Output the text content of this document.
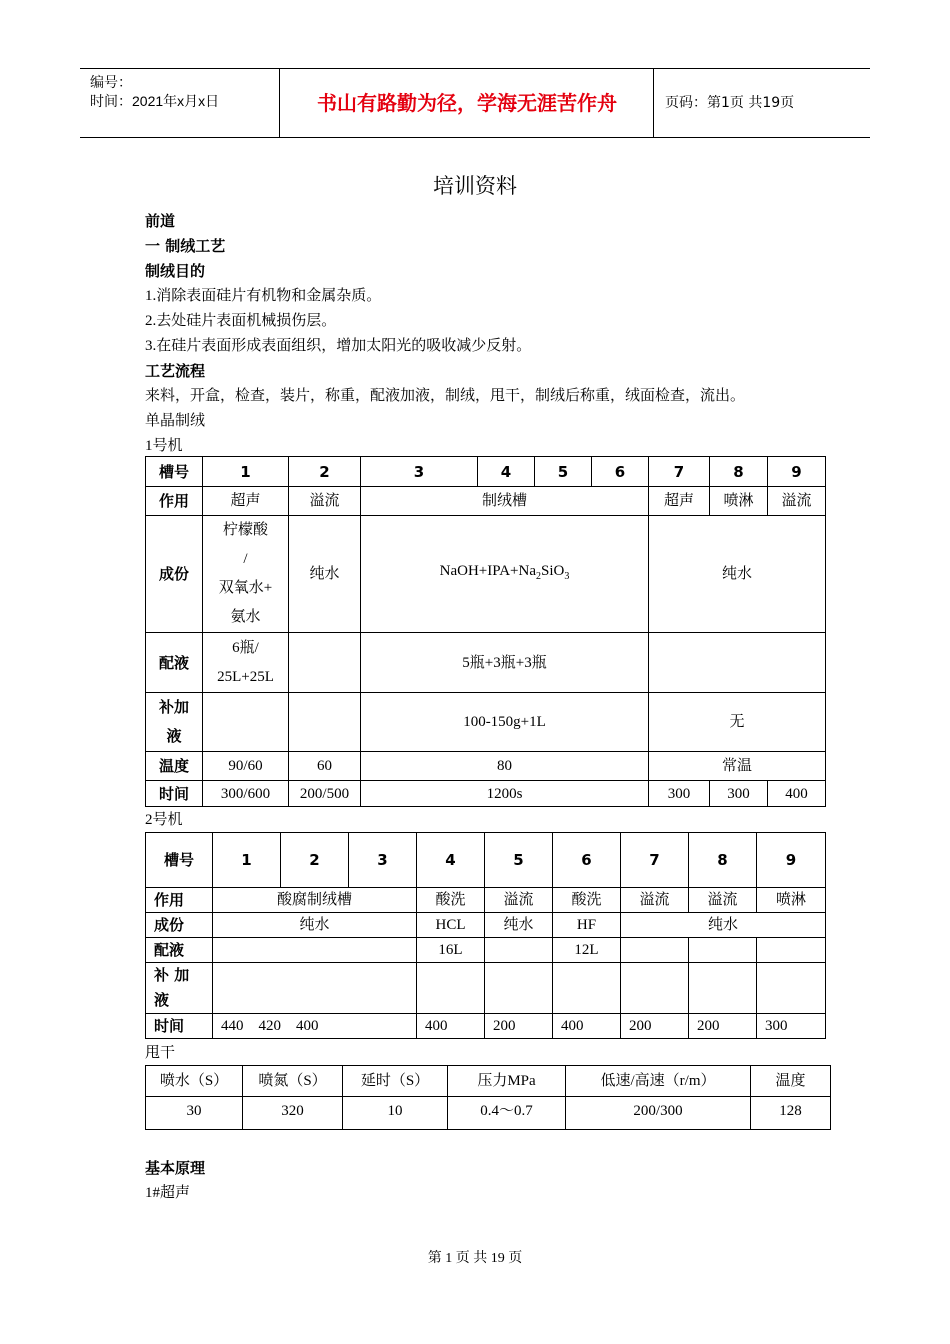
编号：
时间：2021年x月x日	书山有路勤为径，学海无涯苦作舟	页码：第1页 共19页
培训资料
前道
一 制绒工艺
制绒目的
1.消除表面硅片有机物和金属杂质。
2.去处硅片表面机械损伤层。
3.在硅片表面形成表面组织，增加太阳光的吸收减少反射。
工艺流程
来料，开盒，检查，装片，称重，配液加液，制绒，甩干，制绒后称重，绒面检查，流出。
单晶制绒
1号机
槽号	1	2	3	4	5	6	7	8	9
作用	超声	溢流	制绒槽				超声	喷淋	溢流
成份	柠檬酸
/
双氧水+
氨水	纯水	$NaOH+IPA+Na_2SiO_3$				纯水		
配液	6瓶/
25L+25L		5瓶+3瓶+3瓶						

补加
液			100-150g+1L				无		
温度	90/60	60	80				常温		
时间	300/600	200/500	1200s				300	300	400
2号机
槽号	1	2	3	4	5	6	7	8	9
作用	酸腐制绒槽			酸洗	溢流	酸洗	溢流	溢流	喷淋
成份	纯水			HCL	纯水	HF	纯水		
配液				16L		12L			
补 加 液									
时间	440    420    400			400	200	400	200	200	300
甩干
喷水（S）	喷氮（S）	延时（S）	压力MPa	低速/高速（r/m）	温度
30	320	10	0.4～0.7	200/300	128
基本原理
1#超声
第 1 页 共 19 页
